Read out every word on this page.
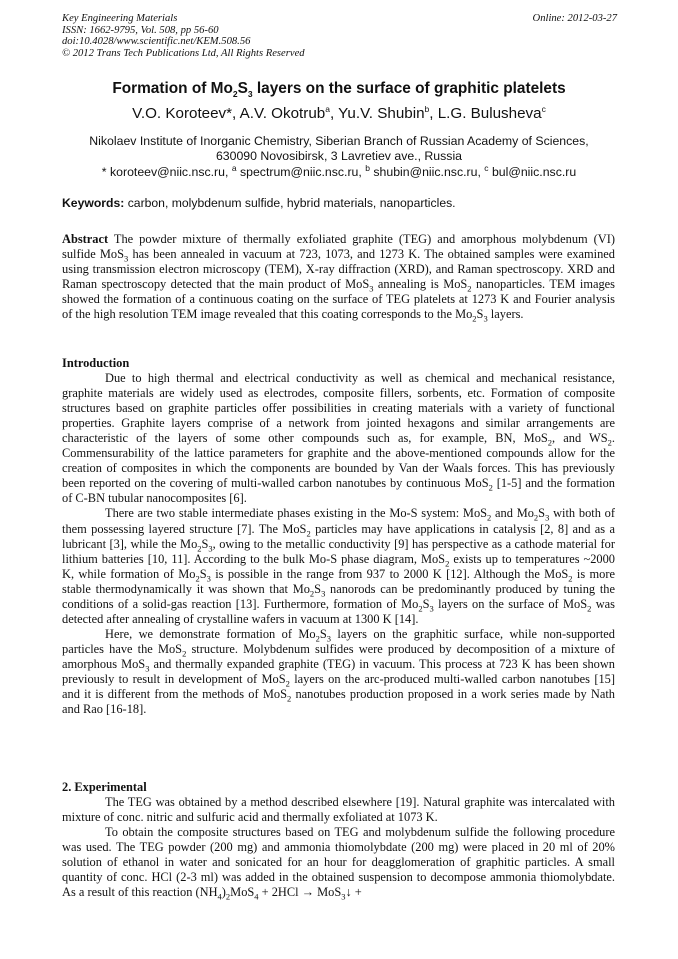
Key Engineering Materials
ISSN: 1662-9795, Vol. 508, pp 56-60
doi:10.4028/www.scientific.net/KEM.508.56
© 2012 Trans Tech Publications Ltd, All Rights Reserved
Online: 2012-03-27
Formation of $Mo_2S_3$ layers on the surface of graphitic platelets
V.O. Koroteev*, A.V. Okotrub$^a$, Yu.V. Shubin$^b$, L.G. Bulusheva$^c$
Nikolaev Institute of Inorganic Chemistry, Siberian Branch of Russian Academy of Sciences,
630090 Novosibirsk, 3 Lavretiev ave., Russia
* koroteev@niic.nsc.ru, $^a$ spectrum@niic.nsc.ru, $^b$ shubin@niic.nsc.ru, $^c$ bul@niic.nsc.ru
Keywords: carbon, molybdenum sulfide, hybrid materials, nanoparticles.

Abstract The powder mixture of thermally exfoliated graphite (TEG) and amorphous molybdenum (VI) sulfide MoS$_3$ has been annealed in vacuum at 723, 1073, and 1273 K. The obtained samples were examined using transmission electron microscopy (TEM), X-ray diffraction (XRD), and Raman spectroscopy. XRD and Raman spectroscopy detected that the main product of MoS$_3$ annealing is MoS$_2$ nanoparticles. TEM images showed the formation of a continuous coating on the surface of TEG platelets at 1273 K and Fourier analysis of the high resolution TEM image revealed that this coating corresponds to the $Mo_2S_3$ layers.

Introduction

Due to high thermal and electrical conductivity as well as chemical and mechanical resistance, graphite materials are widely used as electrodes, composite fillers, sorbents, etc. Formation of composite structures based on graphite particles offer possibilities in creating materials with a variety of functional properties. Graphite layers comprise of a network from jointed hexagons and similar arrangements are characteristic of the layers of some other compounds such as, for example, BN, MoS$_2$, and $WS_2$. Commensurability of the lattice parameters for graphite and the above-mentioned compounds allow for the creation of composites in which the components are bounded by Van der Waals forces. This has previously been reported on the covering of multi-walled carbon nanotubes by continuous MoS$_2$ [1-5] and the formation of C-BN tubular nanocomposites [6].

There are two stable intermediate phases existing in the Mo-S system: MoS$_2$ and $Mo_2S_3$ with both of them possessing layered structure [7]. The MoS$_2$ particles may have applications in catalysis [2, 8] and as a lubricant [3], while the $Mo_2S_3$, owing to the metallic conductivity [9] has perspective as a cathode material for lithium batteries [10, 11]. According to the bulk Mo-S phase diagram, MoS$_2$ exists up to temperatures ~2000 K, while formation of $Mo_2S_3$ is possible in the range from 937 to 2000 K [12]. Although the MoS$_2$ is more stable thermodynamically it was shown that $Mo_2S_3$ nanorods can be predominantly produced by tuning the conditions of a solid-gas reaction [13]. Furthermore, formation of $Mo_2S_3$ layers on the surface of MoS$_2$ was detected after annealing of crystalline wafers in vacuum at 1300 K [14].

Here, we demonstrate formation of $Mo_2S_3$ layers on the graphitic surface, while non-supported particles have the MoS$_2$ structure. Molybdenum sulfides were produced by decomposition of a mixture of amorphous MoS$_3$ and thermally expanded graphite (TEG) in vacuum. This process at 723 K has been shown previously to result in development of MoS$_2$ layers on the arc-produced multi-walled carbon nanotubes [15] and it is different from the methods of MoS$_2$ nanotubes production proposed in a work series made by Nath and Rao [16-18].

2. Experimental

The TEG was obtained by a method described elsewhere [19]. Natural graphite was intercalated with mixture of conc. nitric and sulfuric acid and thermally exfoliated at 1073 K.

To obtain the composite structures based on TEG and molybdenum sulfide the following procedure was used. The TEG powder (200 mg) and ammonia thiomolybdate (200 mg) were placed in 20 ml of 20% solution of ethanol in water and sonicated for an hour for deagglomeration of graphitic particles. A small quantity of conc. HCl (2-3 ml) was added in the obtained suspension to decompose ammonia thiomolybdate. As a result of this reaction $(NH_4)_2MoS_4 + 2HCl$ → MoS$_3$↓ +
